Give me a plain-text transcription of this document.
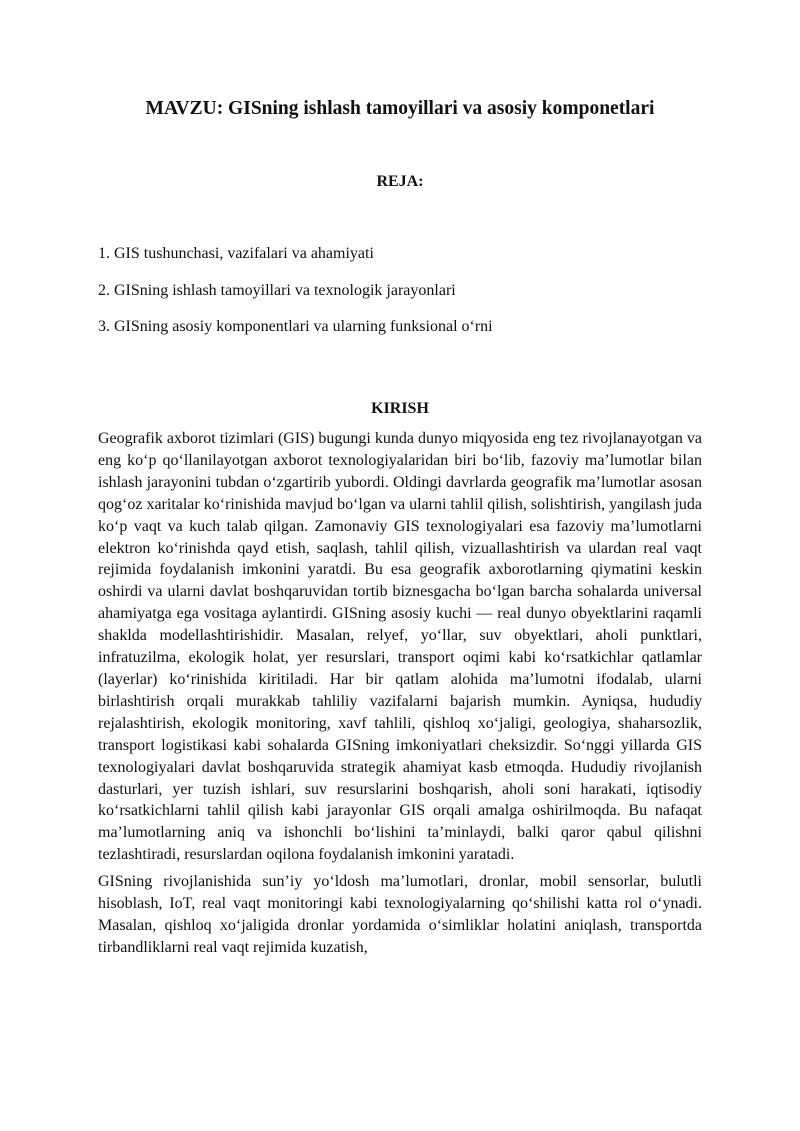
MAVZU: GISning ishlash tamoyillari va asosiy komponetlari
REJA:
1. GIS tushunchasi, vazifalari va ahamiyati
2. GISning ishlash tamoyillari va texnologik jarayonlari
3. GISning asosiy komponentlari va ularning funksional o‘rni
KIRISH

Geografik axborot tizimlari (GIS) bugungi kunda dunyo miqyosida eng tez rivojlanayotgan va eng ko‘p qo‘llanilayotgan axborot texnologiyalaridan biri bo‘lib, fazoviy ma’lumotlar bilan ishlash jarayonini tubdan o‘zgartirib yubordi. Oldingi davrlarda geografik ma’lumotlar asosan qog‘oz xaritalar ko‘rinishida mavjud bo‘lgan va ularni tahlil qilish, solishtirish, yangilash juda ko‘p vaqt va kuch talab qilgan. Zamonaviy GIS texnologiyalari esa fazoviy ma’lumotlarni elektron ko‘rinishda qayd etish, saqlash, tahlil qilish, vizuallashtirish va ulardan real vaqt rejimida foydalanish imkonini yaratdi. Bu esa geografik axborotlarning qiymatini keskin oshirdi va ularni davlat boshqaruvidan tortib biznesgacha bo‘lgan barcha sohalarda universal ahamiyatga ega vositaga aylantirdi. GISning asosiy kuchi — real dunyo obyektlarini raqamli shaklda modellashtirishidir. Masalan, relyef, yo‘llar, suv obyektlari, aholi punktlari, infratuzilma, ekologik holat, yer resurslari, transport oqimi kabi ko‘rsatkichlar qatlamlar (layerlar) ko‘rinishida kiritiladi. Har bir qatlam alohida ma’lumotni ifodalab, ularni birlashtirish orqali murakkab tahliliy vazifalarni bajarish mumkin. Ayniqsa, hududiy rejalashtirish, ekologik monitoring, xavf tahlili, qishloq xo‘jaligi, geologiya, shaharsozlik, transport logistikasi kabi sohalarda GISning imkoniyatlari cheksizdir. So‘nggi yillarda GIS texnologiyalari davlat boshqaruvida strategik ahamiyat kasb etmoqda. Hududiy rivojlanish dasturlari, yer tuzish ishlari, suv resurslarini boshqarish, aholi soni harakati, iqtisodiy ko‘rsatkichlarni tahlil qilish kabi jarayonlar GIS orqali amalga oshirilmoqda. Bu nafaqat ma’lumotlarning aniq va ishonchli bo‘lishini ta’minlaydi, balki qaror qabul qilishni tezlashtiradi, resurslardan oqilona foydalanish imkonini yaratadi.

GISning rivojlanishida sun’iy yo‘ldosh ma’lumotlari, dronlar, mobil sensorlar, bulutli hisoblash, IoT, real vaqt monitoringi kabi texnologiyalarning qo‘shilishi katta rol o‘ynadi. Masalan, qishloq xo‘jaligida dronlar yordamida o‘simliklar holatini aniqlash, transportda tirbandliklarni real vaqt rejimida kuzatish,
